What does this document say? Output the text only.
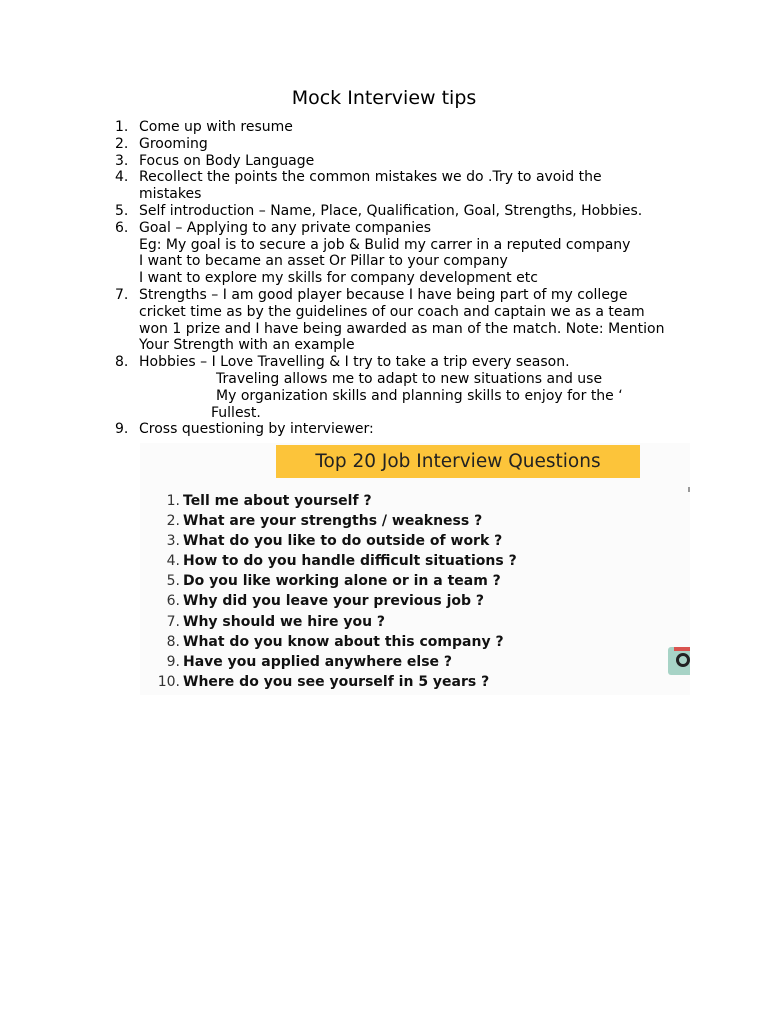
Mock Interview tips
1. Come up with resume
2. Grooming
3. Focus on Body Language
4. Recollect the points the common mistakes we do .Try to avoid the
mistakes
5. Self introduction – Name, Place, Qualification, Goal, Strengths, Hobbies.
6. Goal – Applying to any private companies
Eg: My goal is to secure a job & Bulid my carrer in a reputed company
I want to became an asset Or Pillar to your company
I want to explore my skills for company development etc
7. Strengths – I am good player because I have being part of my college
cricket time as by the guidelines of our coach and captain we as a team
won 1 prize and I have being awarded as man of the match. Note: Mention
Your Strength with an example
8. Hobbies – I Love Travelling & I try to take a trip every season.
Traveling allows me to adapt to new situations and use
My organization skills and planning skills to enjoy for the ‘
Fullest.
9. Cross questioning by interviewer:
Top 20 Job Interview Questions
1. Tell me about yourself ?
2. What are your strengths / weakness ?
3. What do you like to do outside of work ?
4. How to do you handle difficult situations ?
5. Do you like working alone or in a team ?
6. Why did you leave your previous job ?
7. Why should we hire you ?
8. What do you know about this company ?
9. Have you applied anywhere else ?
10. Where do you see yourself in 5 years ?
